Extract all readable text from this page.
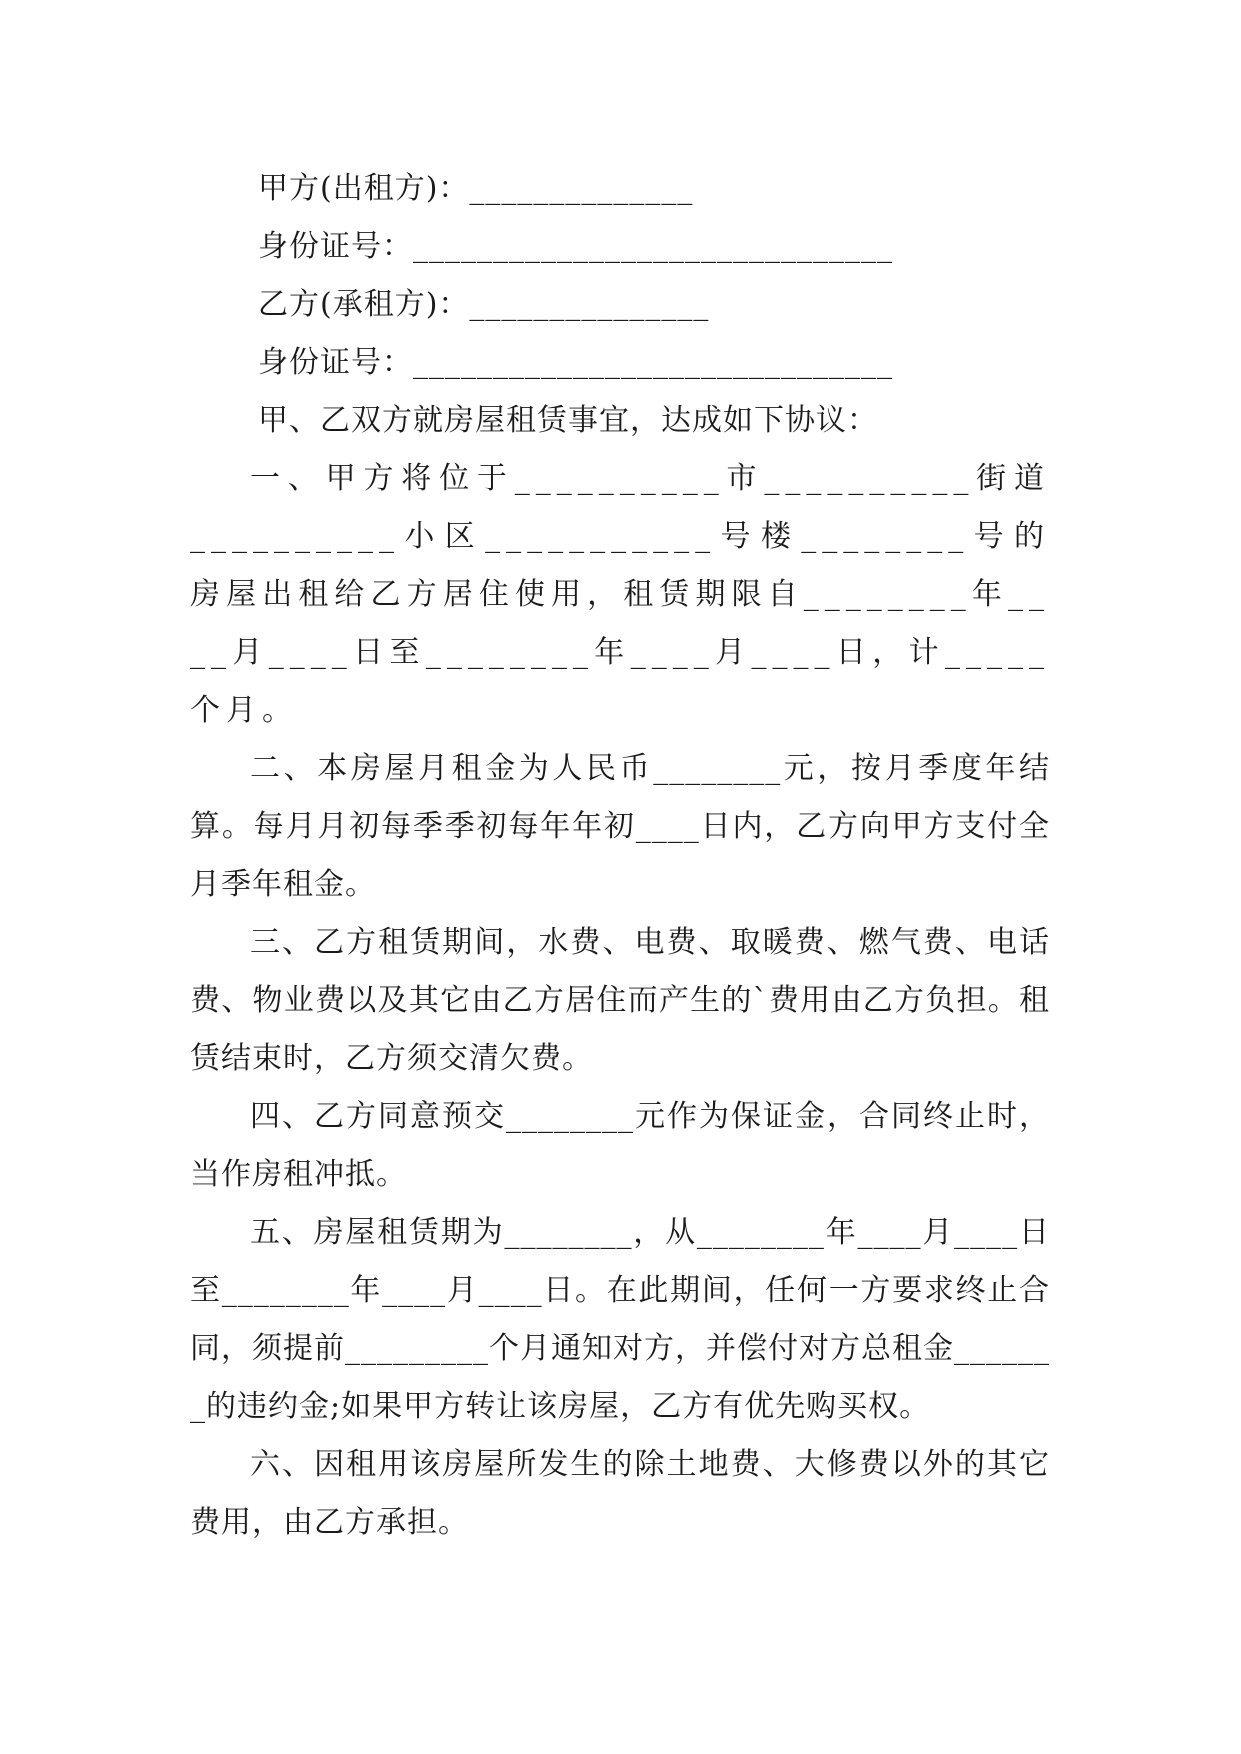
甲方(出租方)：______________
身份证号：______________________________
乙方(承租方)：_______________
身份证号：______________________________
甲、乙双方就房屋租赁事宜，达成如下协议：

一、甲方将位于__________市__________街道__________小区___________号楼________号的房屋出租给乙方居住使用，租赁期限自________年____月____日至________年____月____日，计_____个月。

二、本房屋月租金为人民币________元，按月季度年结算。每月月初每季季初每年年初____日内，乙方向甲方支付全月季年租金。

三、乙方租赁期间，水费、电费、取暖费、燃气费、电话费、物业费以及其它由乙方居住而产生的`费用由乙方负担。租赁结束时，乙方须交清欠费。

四、乙方同意预交________元作为保证金，合同终止时，当作房租冲抵。

五、房屋租赁期为________，从________年____月____日至________年____月____日。在此期间，任何一方要求终止合同，须提前_________个月通知对方，并偿付对方总租金_______的违约金;如果甲方转让该房屋，乙方有优先购买权。

六、因租用该房屋所发生的除土地费、大修费以外的其它费用，由乙方承担。
